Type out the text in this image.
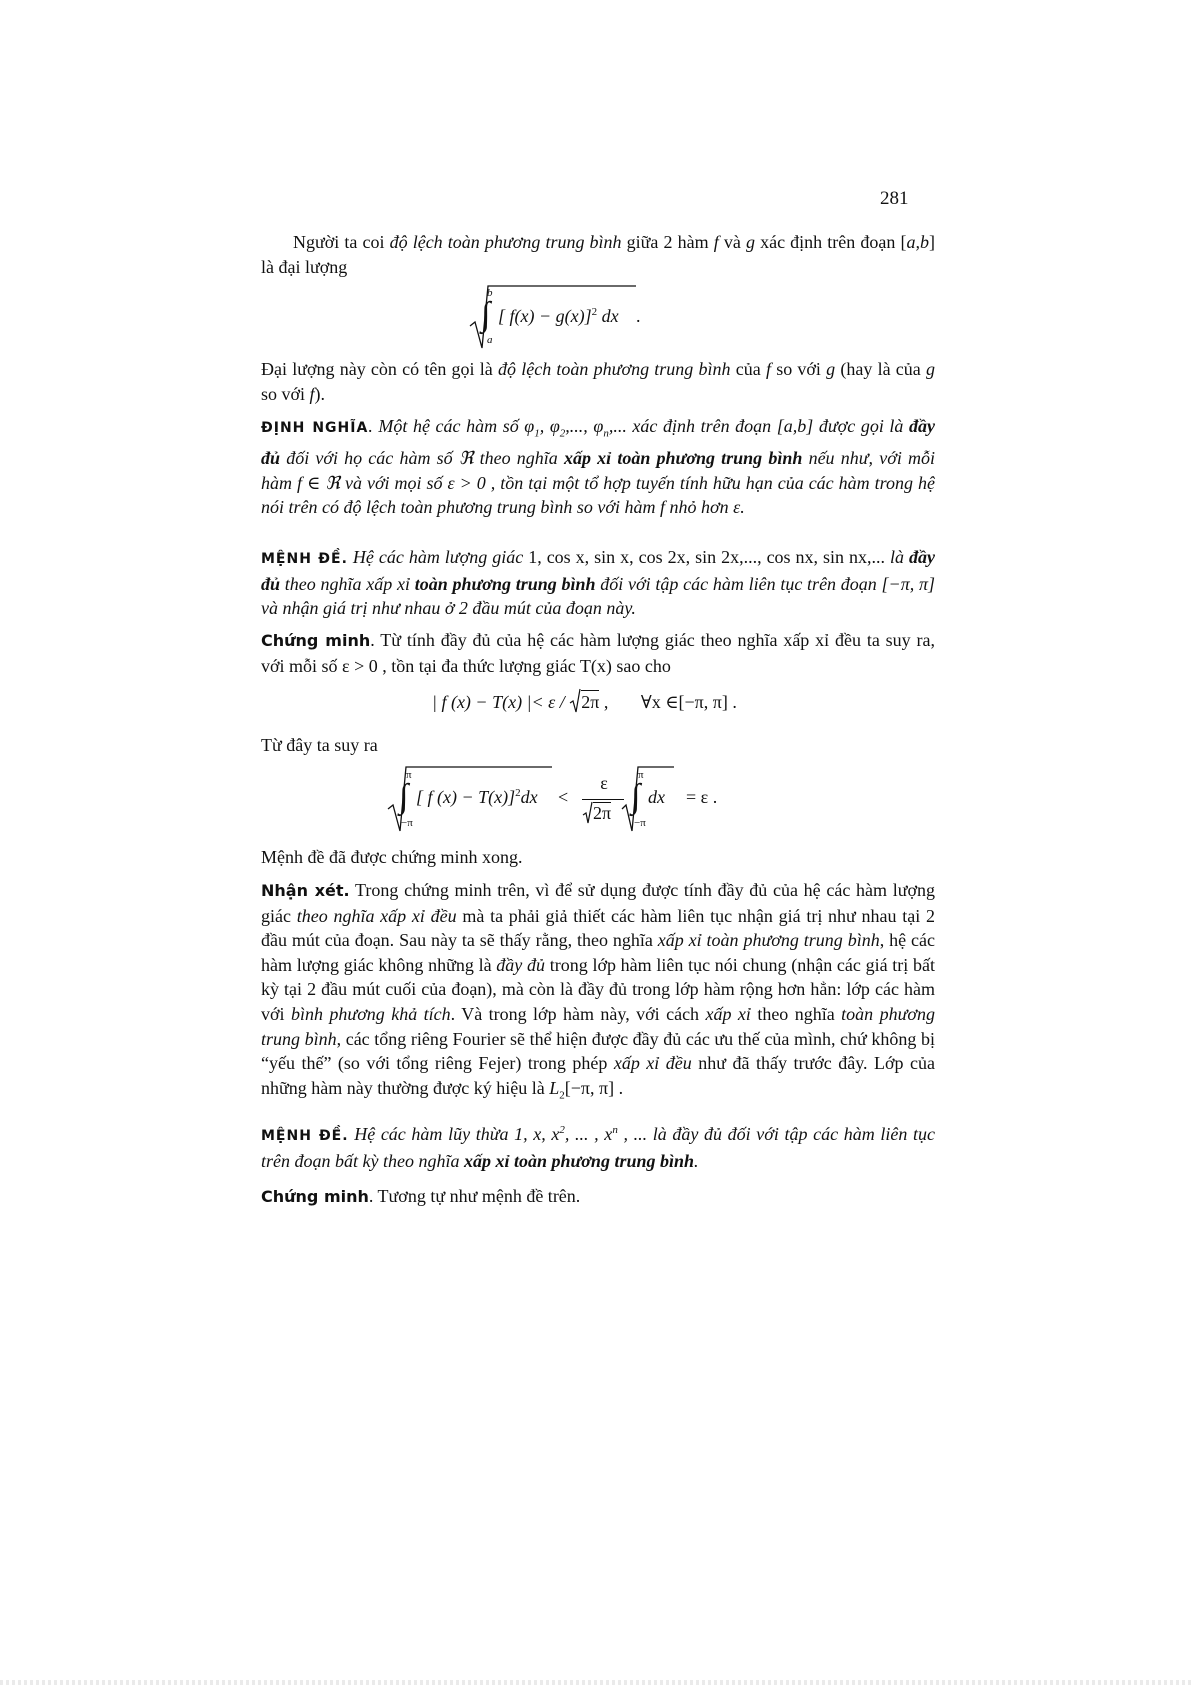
281
Người ta coi độ lệch toàn phương trung bình giữa 2 hàm f và g xác định trên đoạn [a,b] là đại lượng
b
∫
a
[ f(x) − g(x)]$^2$ dx .
Đại lượng này còn có tên gọi là độ lệch toàn phương trung bình của f so với g (hay là của g so với f).
ĐỊNH NGHĨA. Một hệ các hàm số $\varphi_1$, $\varphi_2$,..., $\varphi_n$,... xác định trên đoạn [a,b] được gọi là đầy đủ đối với họ các hàm số ℜ theo nghĩa xấp xỉ toàn phương trung bình nếu như, với mỗi hàm f ∈ ℜ và với mọi số ε > 0 , tồn tại một tổ hợp tuyến tính hữu hạn của các hàm trong hệ nói trên có độ lệch toàn phương trung bình so với hàm f nhỏ hơn ε.
MỆNH ĐỀ. Hệ các hàm lượng giác 1, cos x, sin x, cos 2x, sin 2x,..., cos nx, sin nx,... là đầy đủ theo nghĩa xấp xỉ toàn phương trung bình đối với tập các hàm liên tục trên đoạn [−π, π] và nhận giá trị như nhau ở 2 đầu mút của đoạn này.
Chứng minh. Từ tính đầy đủ của hệ các hàm lượng giác theo nghĩa xấp xỉ đều ta suy ra, với mỗi số ε > 0 , tồn tại đa thức lượng giác T(x) sao cho
| f (x) − T(x) |< ε / 2π , ∀x ∈[−π, π] .
Từ đây ta suy ra
π
∫
−π
[ f (x) − T(x)]$^2$dx <
ε
2π
π
∫
−π
dx = ε .
Mệnh đề đã được chứng minh xong.
Nhận xét. Trong chứng minh trên, vì để sử dụng được tính đầy đủ của hệ các hàm lượng giác theo nghĩa xấp xỉ đều mà ta phải giả thiết các hàm liên tục nhận giá trị như nhau tại 2 đầu mút của đoạn. Sau này ta sẽ thấy rằng, theo nghĩa xấp xỉ toàn phương trung bình, hệ các hàm lượng giác không những là đầy đủ trong lớp hàm liên tục nói chung (nhận các giá trị bất kỳ tại 2 đầu mút cuối của đoạn), mà còn là đầy đủ trong lớp hàm rộng hơn hẳn: lớp các hàm với bình phương khả tích. Và trong lớp hàm này, với cách xấp xỉ theo nghĩa toàn phương trung bình, các tổng riêng Fourier sẽ thể hiện được đầy đủ các ưu thế của mình, chứ không bị “yếu thế” (so với tổng riêng Fejer) trong phép xấp xỉ đều như đã thấy trước đây. Lớp của những hàm này thường được ký hiệu là $L_2[-\pi$, π] .
MỆNH ĐỀ. Hệ các hàm lũy thừa 1, x, $x^2$, ... , $x^n$ , ... là đầy đủ đối với tập các hàm liên tục trên đoạn bất kỳ theo nghĩa xấp xỉ toàn phương trung bình.
Chứng minh. Tương tự như mệnh đề trên.
